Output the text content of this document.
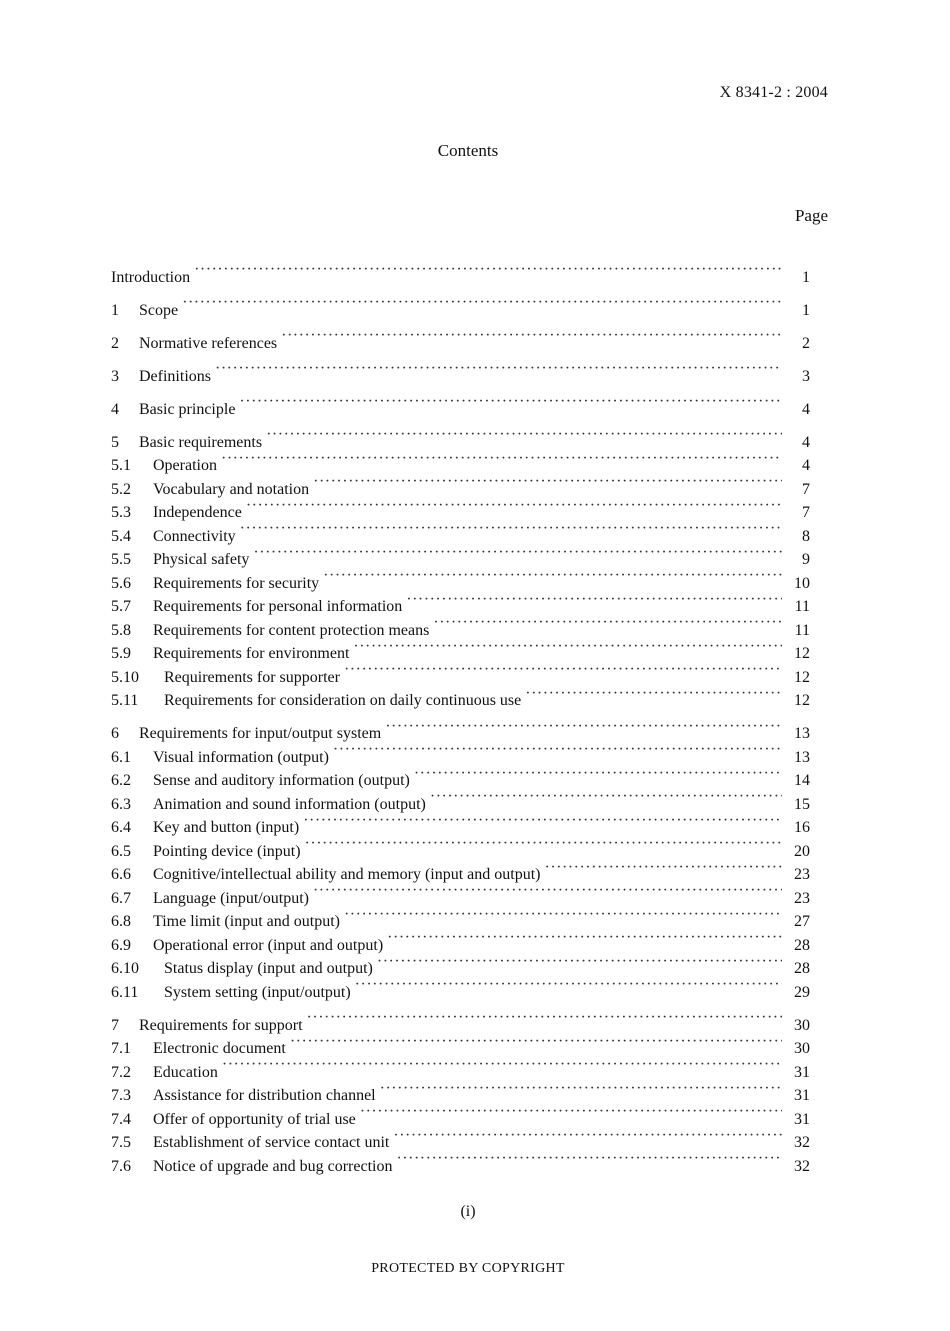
X 8341-2 : 2004
Contents
Page
Introduction ·····	1
1	Scope ·····	1
2	Normative references ·····	2
3	Definitions ·····	3
4	Basic principle ·····	4
5	Basic requirements ·····	4
5.1	Operation ·····	4
5.2	Vocabulary and notation ·····	7
5.3	Independence ·····	7
5.4	Connectivity ·····	8
5.5	Physical safety ·····	9
5.6	Requirements for security ·····	10
5.7	Requirements for personal information ·····	11
5.8	Requirements for content protection means ·····	11
5.9	Requirements for environment ·····	12
5.10	Requirements for supporter ·····	12
5.11	Requirements for consideration on daily continuous use ·····	12
6	Requirements for input/output system ·····	13
6.1	Visual information (output) ·····	13
6.2	Sense and auditory information (output) ·····	14
6.3	Animation and sound information (output) ·····	15
6.4	Key and button (input) ·····	16
6.5	Pointing device (input) ·····	20
6.6	Cognitive/intellectual ability and memory (input and output) ·····	23
6.7	Language (input/output) ·····	23
6.8	Time limit (input and output) ·····	27
6.9	Operational error (input and output) ·····	28
6.10	Status display (input and output) ·····	28
6.11	System setting (input/output) ·····	29
7	Requirements for support ·····	30
7.1	Electronic document ·····	30
7.2	Education ·····	31
7.3	Assistance for distribution channel ·····	31
7.4	Offer of opportunity of trial use ·····	31
7.5	Establishment of service contact unit ·····	32
7.6	Notice of upgrade and bug correction ·····	32
(i)
PROTECTED BY COPYRIGHT
